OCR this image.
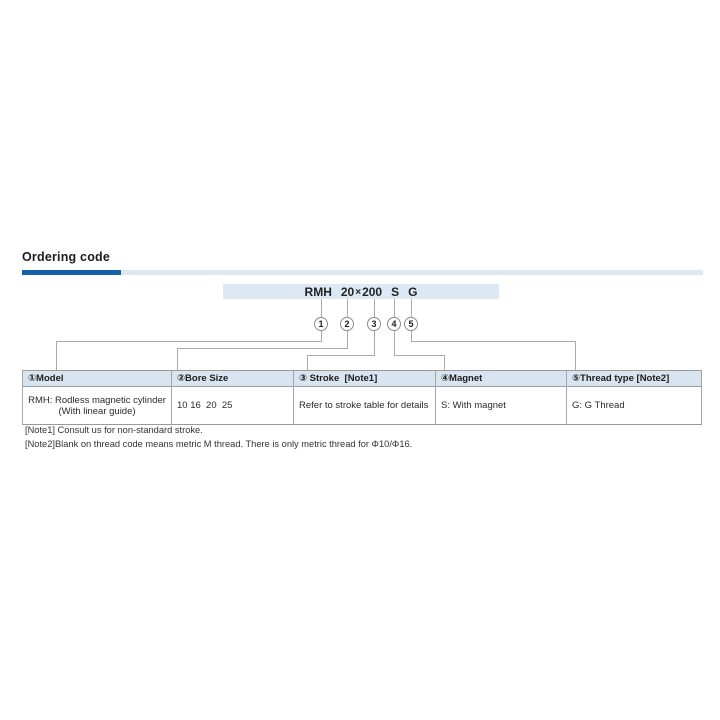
Ordering code
RMH 20 × 200 S G
1	2	3	4	5
①Model	②Bore Size	③ Stroke  [Note1]	④Magnet	⑤Thread type [Note2]
RMH: Rodless magnetic cylinder
(With linear guide)	10 16  20  25	Refer to stroke table for details	S: With magnet	G: G Thread
[Note1] Consult us for non-standard stroke.
[Note2]Blank on thread code means metric M thread. There is only metric thread for Φ10/Φ16.
